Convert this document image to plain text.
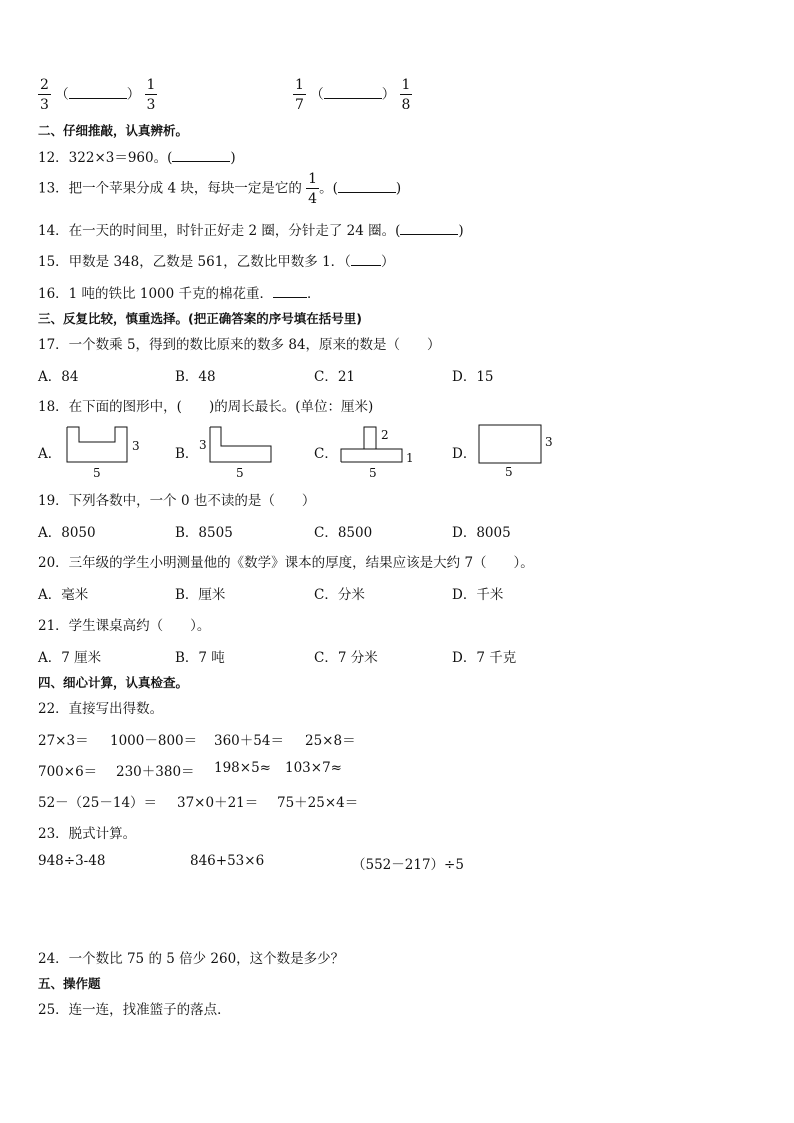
$\frac{2}{3}$ （	） $\frac{1}{3}$	$\frac{1}{7}$ （	） $\frac{1}{8}$
二、仔细推敲，认真辨析。
12．322×3＝960。(	)
13．把一个苹果分成 4 块，每块一定是它的 $\frac{1}{4}$ 。(	)
14．在一天的时间里，时针正好走 2 圈，分针走了 24 圈。(	)
15．甲数是 348，乙数是 561，乙数比甲数多 1．（ ）
16．1 吨的铁比 1000 千克的棉花重．	．
三、反复比较，慎重选择。(把正确答案的序号填在括号里)
17．一个数乘 5，得到的数比原来的数多 84，原来的数是（　　）
A．84	B．48	C．21	D．15
18．在下面的图形中，(　　)的周长最长。(单位：厘米)
A．	3
5
B．
3
5
C．
2
1
5
D．
3
5
19．下列各数中，一个 0 也不读的是（　　）
A．8050	B．8505	C．8500	D．8005
20．三年级的学生小明测量他的《数学》课本的厚度，结果应该是大约 7（　　）。
A．毫米	B．厘米	C．分米	D．千米
21．学生课桌高约（　　）。
A．7 厘米	B．7 吨	C．7 分米	D．7 千克
四、细心计算，认真检查。
22．直接写出得数。
27×3＝ 1000－800＝ 360＋54＝ 25×8＝
700×6＝ 230＋380＝ 198×5≈ 103×7≈
52－（25－14）＝ 37×0＋21＝ 75＋25×4＝
23．脱式计算。
948÷3-48	846+53×6	（552－217）÷5
24．一个数比 75 的 5 倍少 260，这个数是多少？
五、操作题
25．连一连，找准篮子的落点．
